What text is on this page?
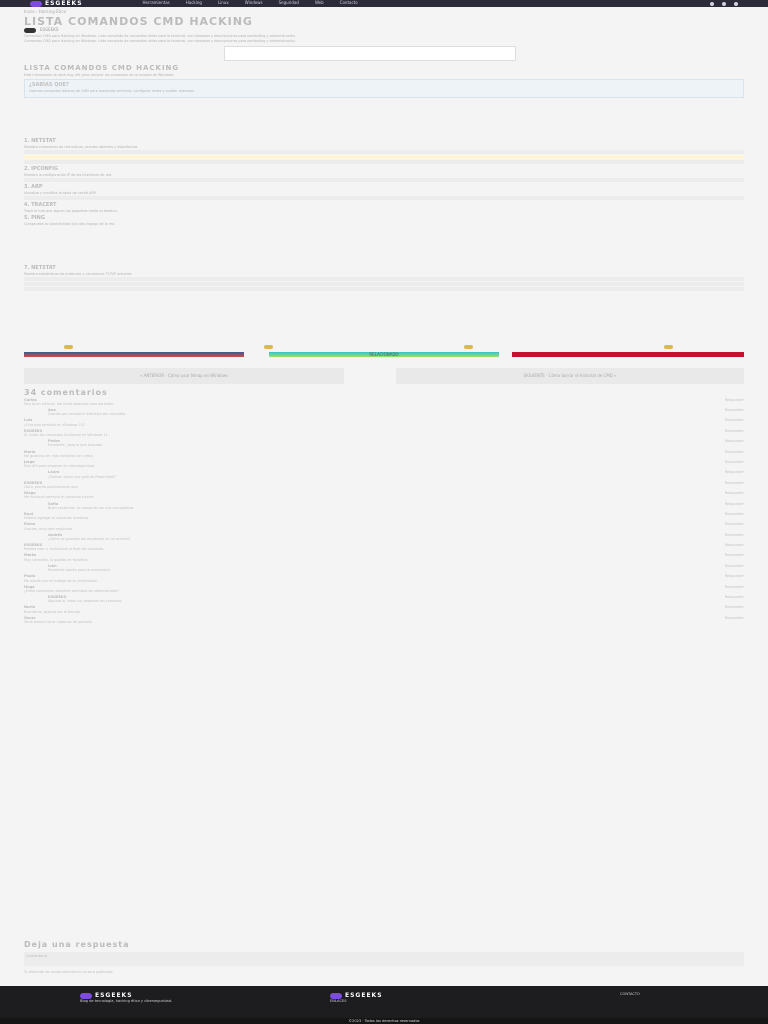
ESGEEKS	Herramientas	Hacking	Linux	Windows	Seguridad	Web	Contacto
Inicio › Hacking Ético
LISTA COMANDOS CMD HACKING
ESGEEKS
Comandos CMD para Hacking en Windows. Lista completa de comandos útiles para la terminal, con ejemplos y descripciones para pentesting y administración.
Comandos CMD para Hacking en Windows. Lista completa de comandos útiles para la terminal, con ejemplos y descripciones para pentesting y administración.
LISTA COMANDOS CMD HACKING
Está información te será muy útil para conocer los comandos de la consola de Windows.
¿SABÍAS QUE?
Usamos comandos básicos de CMD para manipular archivos, configurar redes y auditar sistemas.
1. NETSTAT
Muestra conexiones de red activas, puertos abiertos y estadísticas.
2. IPCONFIG
Muestra la configuración IP de las interfaces de red.
3. ARP
Visualiza y modifica la tabla de caché ARP.
4. TRACERT
Traza la ruta que siguen los paquetes hasta su destino.
5. PING
Comprueba la conectividad con otro equipo de la red.
7. NETSTAT
Muestra estadísticas de protocolo y conexiones TCP/IP actuales.
RELACIONADO
« ANTERIOR · Cómo usar Nmap en Windows	SIGUIENTE · Cómo borrar el historial de CMD »
34 comentarios
Carlos
Muy buen artículo, me sirvió bastante para aprender.
Responder
Ana
Gracias por compartir esta lista tan completa.
Responder
Luis
¿Funciona también en Windows 11?
Responder
ESGEEKS
Sí, todos los comandos funcionan en Windows 11.
Responder
Pedro
Excelente, justo lo que buscaba.
Responder
María
Me gustaría ver más ejemplos con netsh.
Responder
Jorge
Muy útil para empezar en ciberseguridad.
Responder
Laura
¿Podrían hacer una guía de PowerShell?
Responder
ESGEEKS
Claro, pronto publicaremos una.
Responder
Diego
Me funcionó perfecto el comando tracert.
Responder
Sofía
Buen contenido, lo comparto con mis compañeros.
Responder
Raúl
Faltaría agregar el comando nslookup.
Responder
Elena
Gracias, muy bien explicado.
Responder
Andrés
¿Cómo se guardan los resultados en un archivo?
Responder
ESGEEKS
Puedes usar > archivo.txt al final del comando.
Responder
Marta
Muy completo, lo guardo en favoritos.
Responder
Iván
Excelente aporte para la comunidad.
Responder
Paula
Me ayudó con mi trabajo de la universidad.
Responder
Hugo
¿Estos comandos requieren permisos de administrador?
Responder
ESGEEKS
Algunos sí, otros no; depende del comando.
Responder
Nuria
Buenísimo, gracias por el tiempo.
Responder
Óscar
Sería bueno incluir capturas de pantalla.
Responder
Deja una respuesta
Comentario
Tu dirección de correo electrónico no será publicada.
ESGEEKS
Blog de tecnología, hacking ético y ciberseguridad.
ESGEEKS
ENLACES
CONTACTO
©2023 · Todos los derechos reservados
